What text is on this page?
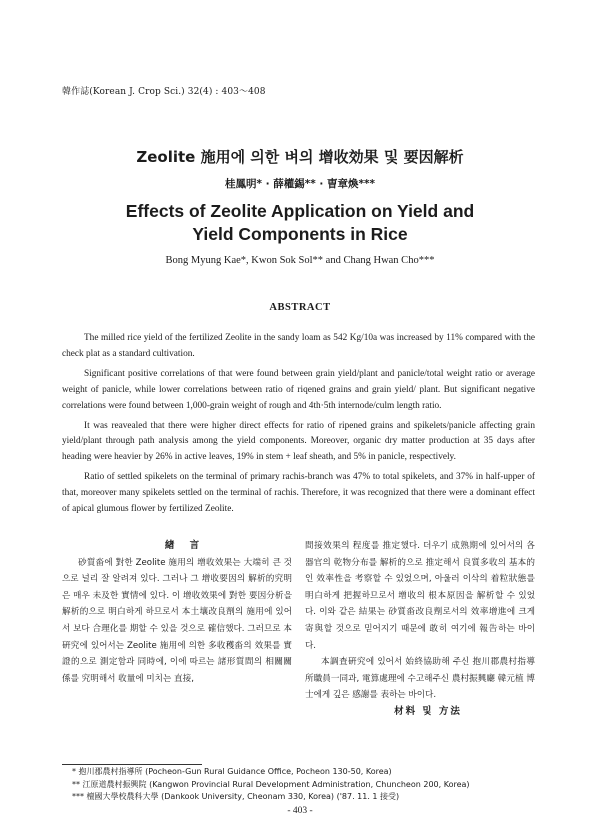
韓作誌(Korean J. Crop Sci.) 32(4) : 403〜408
Zeolite 施用에 의한 벼의 增收効果 및 要因解析
桂鳳明* · 薛權錫** · 曺章煥***
Effects of Zeolite Application on Yield and
Yield Components in Rice
Bong Myung Kae*, Kwon Sok Sol** and Chang Hwan Cho***
ABSTRACT

The milled rice yield of the fertilized Zeolite in the sandy loam as 542 Kg/10a was increased by 11% compared with the check plat as a standard cultivation.

Significant positive correlations of that were found between grain yield/plant and panicle/total weight ratio or average weight of panicle, while lower correlations between ratio of riqened grains and grain yield/ plant. But significant negative correlations were found between 1,000-grain weight of rough and 4th·5th internode/culm length ratio.

It was reavealed that there were higher direct effects for ratio of ripened grains and spikelets/panicle affecting grain yield/plant through path analysis among the yield components. Moreover, organic dry matter production at 35 days after heading were heavier by 26% in active leaves, 19% in stem + leaf sheath, and 5% in panicle, respectively.

Ratio of settled spikelets on the terminal of primary rachis-branch was 47% to total spikelets, and 37% in half-upper of that, moreover many spikelets settled on the terminal of rachis. Therefore, it was recognized that there were a dominant effect of apical glumous flower by fertilized Zeolite.

緖 言

砂質畓에 對한 Zeolite 施用의 增收效果는 大端히 큰 것으로 널리 잘 알려져 있다. 그러나 그 增收要因의 解析的究明은 매우 未及한 實情에 있다. 이 增收效果에 對한 要因分析을 解析的으로 明白하게 하므로서 本土壤改良劑의 施用에 있어서 보다 合理化를 期할 수 있을 것으로 確信했다. 그러므로 本 硏究에 있어서는 Zeolite 施用에 의한 多收穫畓의 效果를 實證的으로 測定함과 同時에, 이에 따르는 諸形質間의 相關關係를 究明해서 收量에 미치는 直接,

間接效果의 程度를 推定했다. 더우기 成熟期에 있어서의 各 器官의 乾物分布를 解析的으로 推定해서 良質多收의 基本的인 效率性을 考察할 수 있었으며, 아울러 이삭의 着粒狀態를 明白하게 把握하므로서 增收의 根本原因을 解析할 수 있었다. 이와 같은 結果는 砂質畓改良劑로서의 效率增進에 크게 寄與할 것으로 믿어지기 때문에 敢히 여기에 報告하는 바이다.

本調査硏究에 있어서 始終協助해 주신 抱川郡農村指導所職員一同과, 電算處理에 수고해주신 農村振興廳 韓元植 博士에게 깊은 感謝를 表하는 바이다.

材料 및 方法

* 抱川郡農村指導所 (Pocheon-Gun Rural Guidance Office, Pocheon 130-50, Korea)
** 江原道農村振興院 (Kangwon Provincial Rural Development Administration, Chuncheon 200, Korea)
*** 檀國大學校農科大學 (Dankook University, Cheonam 330, Korea) ('87. 11. 1 接受)
- 403 -
